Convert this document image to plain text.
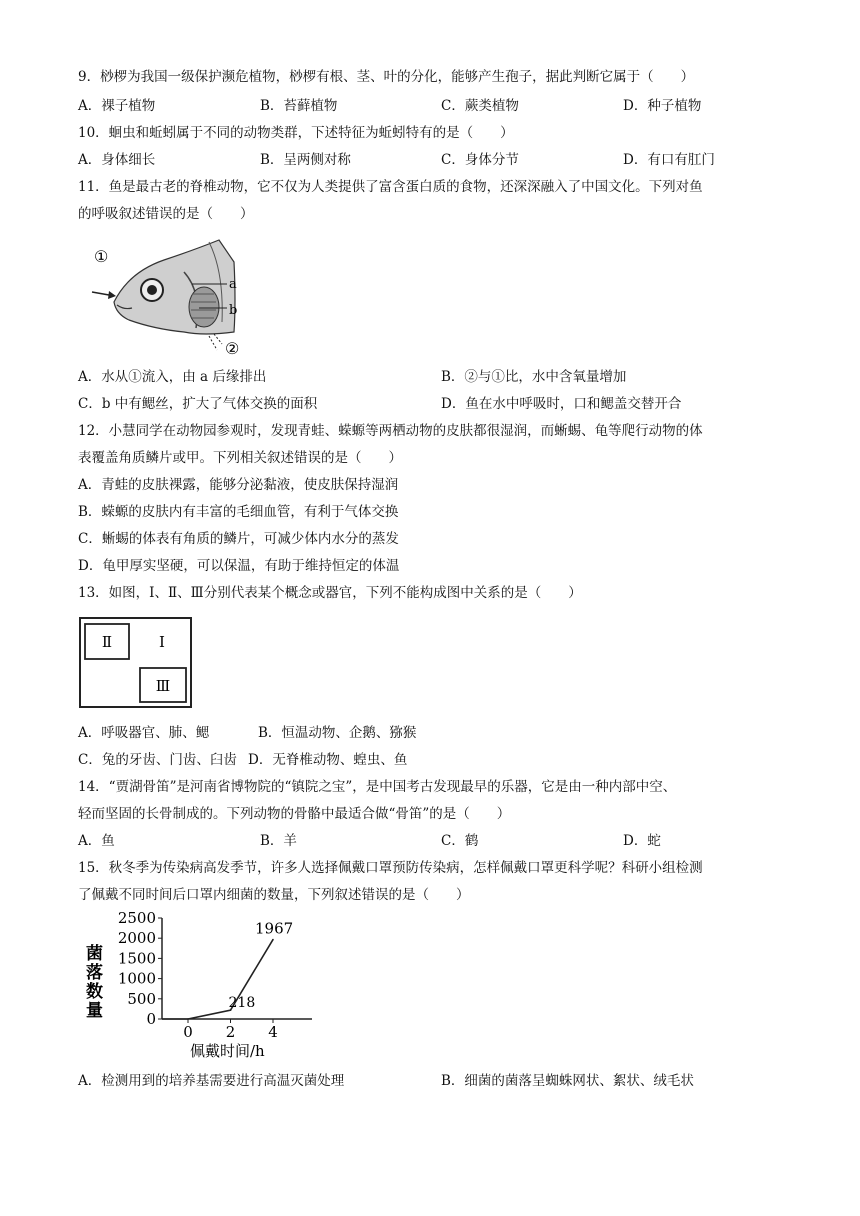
9．桫椤为我国一级保护濒危植物，桫椤有根、茎、叶的分化，能够产生孢子，据此判断它属于（　　）
A．裸子植物	B．苔藓植物	C．蕨类植物	D．种子植物
10．蛔虫和蚯蚓属于不同的动物类群，下述特征为蚯蚓特有的是（　　）
A．身体细长	B．呈两侧对称	C．身体分节	D．有口有肛门
11．鱼是最古老的脊椎动物，它不仅为人类提供了富含蛋白质的食物，还深深融入了中国文化。下列对鱼
的呼吸叙述错误的是（　　）
①
a
b
②
A．水从①流入，由 a 后缘排出	B．②与①比，水中含氧量增加
C．b 中有鳃丝，扩大了气体交换的面积	D．鱼在水中呼吸时，口和鳃盖交替开合
12．小慧同学在动物园参观时，发现青蛙、蝾螈等两栖动物的皮肤都很湿润，而蜥蜴、龟等爬行动物的体
表覆盖角质鳞片或甲。下列相关叙述错误的是（　　）
A．青蛙的皮肤裸露，能够分泌黏液，使皮肤保持湿润
B．蝾螈的皮肤内有丰富的毛细血管，有利于气体交换
C．蜥蜴的体表有角质的鳞片，可减少体内水分的蒸发
D．龟甲厚实坚硬，可以保温，有助于维持恒定的体温
13．如图，Ⅰ、Ⅱ、Ⅲ分别代表某个概念或器官，下列不能构成图中关系的是（　　）
Ⅱ	Ⅰ
Ⅲ
A．呼吸器官、肺、鳃	B．恒温动物、企鹅、猕猴
C．兔的牙齿、门齿、臼齿 D．无脊椎动物、蝗虫、鱼
14．“贾湖骨笛”是河南省博物院的“镇院之宝”，是中国考古发现最早的乐器，它是由一种内部中空、
轻而坚固的长骨制成的。下列动物的骨骼中最适合做“骨笛”的是（　　）
A．鱼	B．羊	C．鹤	D．蛇
15．秋冬季为传染病高发季节，许多人选择佩戴口罩预防传染病，怎样佩戴口罩更科学呢？科研小组检测
了佩戴不同时间后口罩内细菌的数量，下列叙述错误的是（　　）
0
500
1000
1500
2000
2500
0 2 4
218
1967
菌落数量
佩戴时间/h
A．检测用到的培养基需要进行高温灭菌处理	B．细菌的菌落呈蜘蛛网状、絮状、绒毛状
